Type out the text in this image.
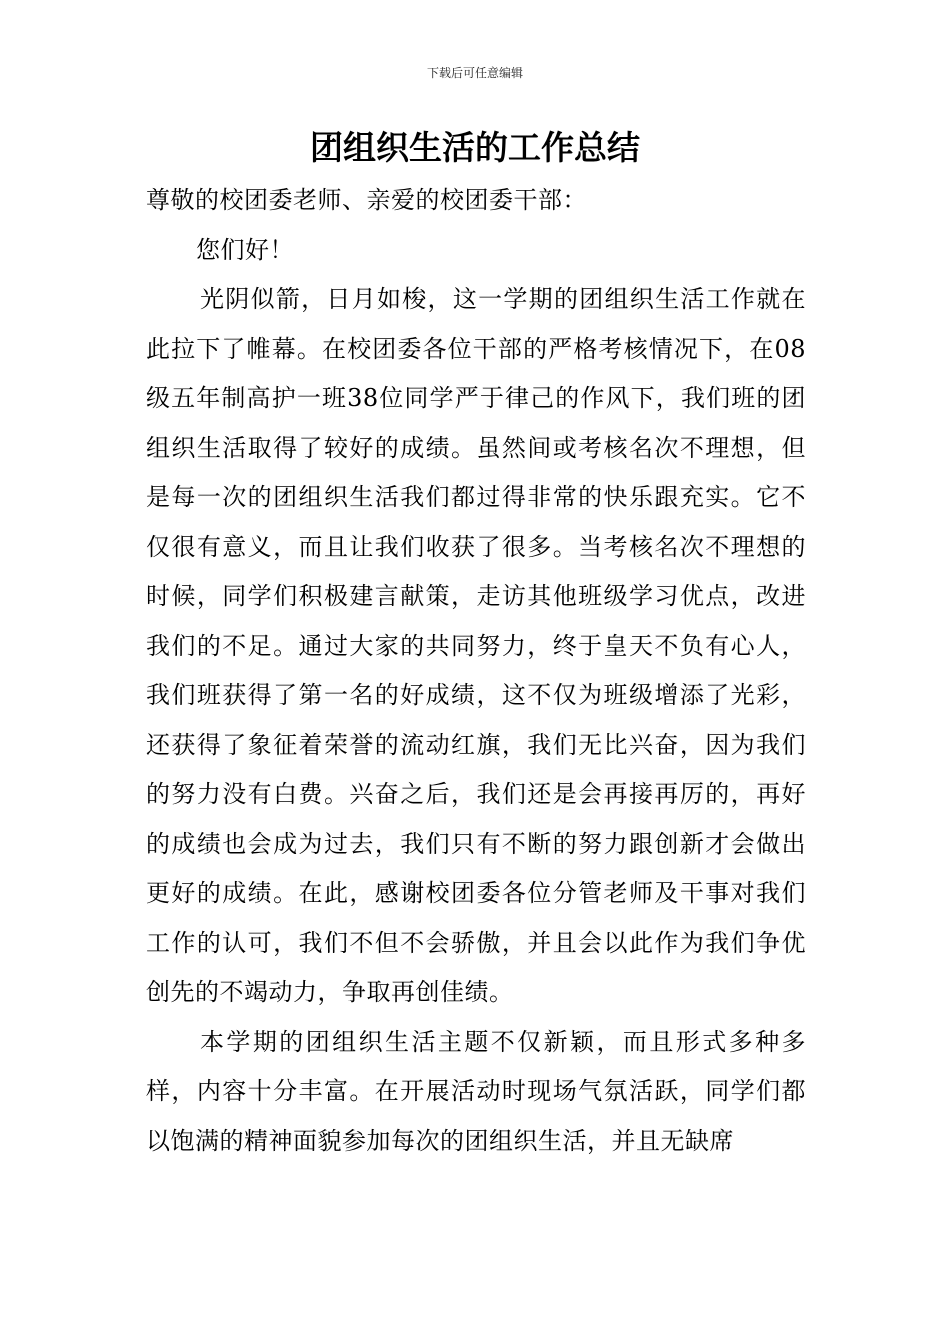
下载后可任意编辑
团组织生活的工作总结

尊敬的校团委老师、亲爱的校团委干部：

您们好！

光阴似箭，日月如梭，这一学期的团组织生活工作就在此拉下了帷幕。在校团委各位干部的严格考核情况下，在08级五年制高护一班38位同学严于律己的作风下，我们班的团组织生活取得了较好的成绩。虽然间或考核名次不理想，但是每一次的团组织生活我们都过得非常的快乐跟充实。它不仅很有意义，而且让我们收获了很多。当考核名次不理想的时候，同学们积极建言献策，走访其他班级学习优点，改进我们的不足。通过大家的共同努力，终于皇天不负有心人，我们班获得了第一名的好成绩，这不仅为班级增添了光彩，还获得了象征着荣誉的流动红旗，我们无比兴奋，因为我们的努力没有白费。兴奋之后，我们还是会再接再厉的，再好的成绩也会成为过去，我们只有不断的努力跟创新才会做出更好的成绩。在此，感谢校团委各位分管老师及干事对我们工作的认可，我们不但不会骄傲，并且会以此作为我们争优创先的不竭动力，争取再创佳绩。

本学期的团组织生活主题不仅新颖，而且形式多种多样，内容十分丰富。在开展活动时现场气氛活跃，同学们都以饱满的精神面貌参加每次的团组织生活，并且无缺席
